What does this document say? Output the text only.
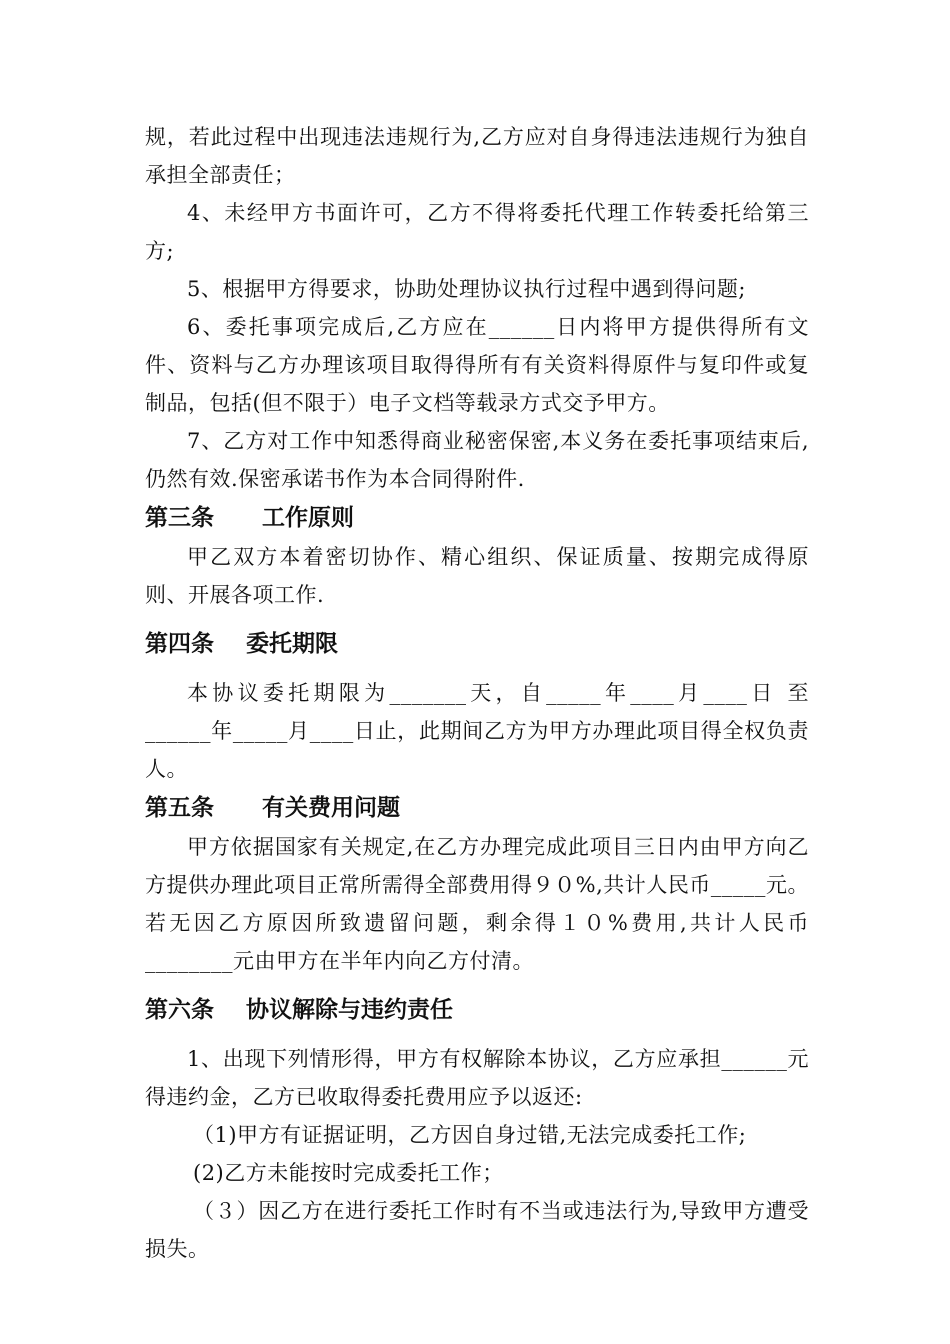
规，若此过程中出现违法违规行为,乙方应对自身得违法违规行为独自承担全部责任；

4、未经甲方书面许可，乙方不得将委托代理工作转委托给第三方;

5、根据甲方得要求，协助处理协议执行过程中遇到得问题;

6、委托事项完成后,乙方应在______日内将甲方提供得所有文件、资料与乙方办理该项目取得得所有有关资料得原件与复印件或复制品，包括(但不限于）电子文档等载录方式交予甲方。

7、乙方对工作中知悉得商业秘密保密,本义务在委托事项结束后,仍然有效.保密承诺书作为本合同得附件.

第三条      工作原则

甲乙双方本着密切协作、精心组织、保证质量、按期完成得原则、开展各项工作.

第四条    委托期限

本协议委托期限为_______天，自_____年____月____日 至 ______年_____月____日止，此期间乙方为甲方办理此项目得全权负责人。

第五条      有关费用问题

甲方依据国家有关规定,在乙方办理完成此项目三日内由甲方向乙方提供办理此项目正常所需得全部费用得９０%,共计人民币_____元。若无因乙方原因所致遗留问题，剩余得１０%费用,共计人民币________元由甲方在半年内向乙方付清。

第六条    协议解除与违约责任

1、出现下列情形得，甲方有权解除本协议，乙方应承担______元得违约金，乙方已收取得委托费用应予以返还:

（1)甲方有证据证明，乙方因自身过错,无法完成委托工作;

(2)乙方未能按时完成委托工作；

（３）因乙方在进行委托工作时有不当或违法行为,导致甲方遭受损失。
